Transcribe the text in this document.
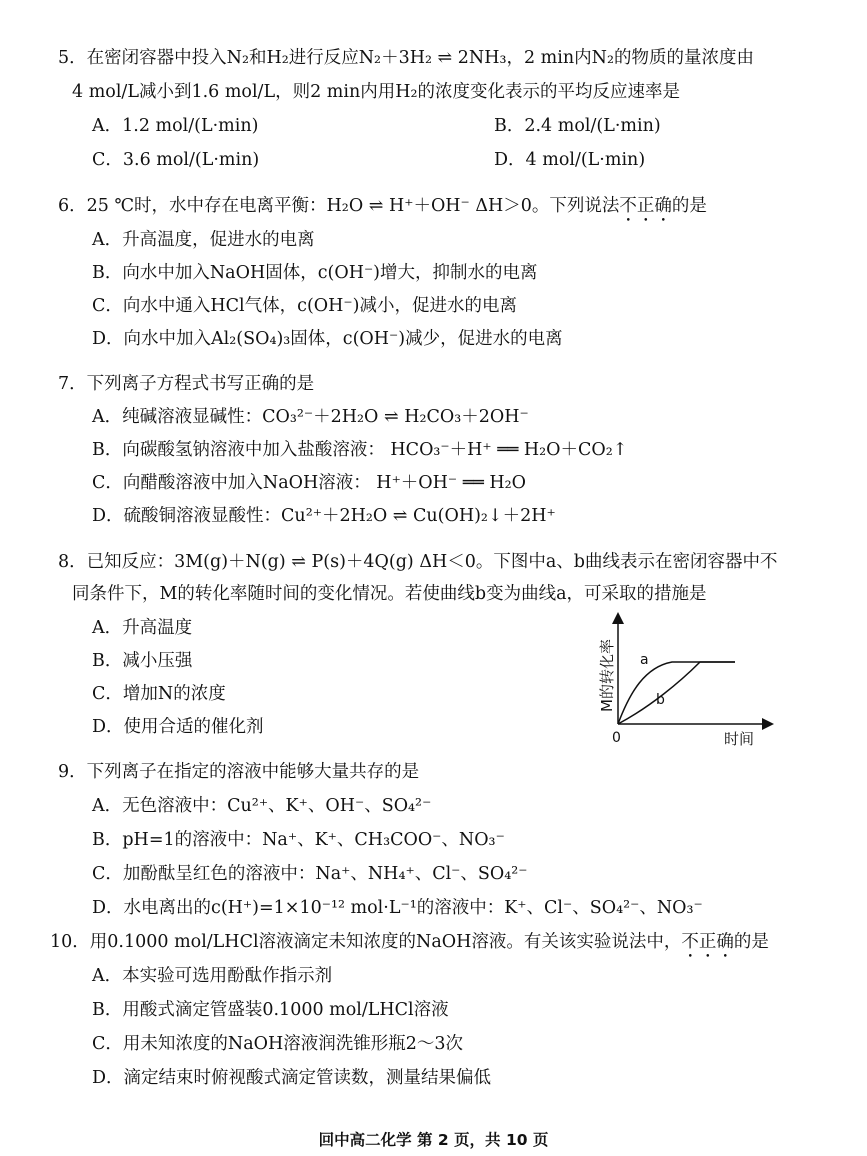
5．在密闭容器中投入N₂和H₂进行反应N₂＋3H₂ ⇌ 2NH₃，2 min内N₂的物质的量浓度由
4 mol/L减小到1.6 mol/L，则2 min内用H₂的浓度变化表示的平均反应速率是
A．1.2 mol/(L·min)	B．2.4 mol/(L·min)
C．3.6 mol/(L·min)	D．4 mol/(L·min)
6．25 ℃时，水中存在电离平衡：H₂O ⇌ H⁺＋OH⁻ ΔH＞0。下列说法不正确的是
A．升高温度，促进水的电离
B．向水中加入NaOH固体，c(OH⁻)增大，抑制水的电离
C．向水中通入HCl气体，c(OH⁻)减小，促进水的电离
D．向水中加入Al₂(SO₄)₃固体，c(OH⁻)减少，促进水的电离
7．下列离子方程式书写正确的是
A．纯碱溶液显碱性：CO₃²⁻＋2H₂O ⇌ H₂CO₃＋2OH⁻
B．向碳酸氢钠溶液中加入盐酸溶液： HCO₃⁻＋H⁺ ══ H₂O＋CO₂↑
C．向醋酸溶液中加入NaOH溶液： H⁺＋OH⁻ ══ H₂O
D．硫酸铜溶液显酸性：Cu²⁺＋2H₂O ⇌ Cu(OH)₂↓＋2H⁺
8．已知反应：3M(g)＋N(g) ⇌ P(s)＋4Q(g) ΔH＜0。下图中a、b曲线表示在密闭容器中不
同条件下，M的转化率随时间的变化情况。若使曲线b变为曲线a，可采取的措施是
A．升高温度
B．减小压强
C．增加N的浓度
D．使用合适的催化剂
a
b
0	时间
M的转化率
9．下列离子在指定的溶液中能够大量共存的是
A．无色溶液中：Cu²⁺、K⁺、OH⁻、SO₄²⁻
B．pH=1的溶液中：Na⁺、K⁺、CH₃COO⁻、NO₃⁻
C．加酚酞呈红色的溶液中：Na⁺、NH₄⁺、Cl⁻、SO₄²⁻
D．水电离出的c(H⁺)=1×10⁻¹² mol·L⁻¹的溶液中：K⁺、Cl⁻、SO₄²⁻、NO₃⁻
10．用0.1000 mol/LHCl溶液滴定未知浓度的NaOH溶液。有关该实验说法中，不正确的是
A．本实验可选用酚酞作指示剂
B．用酸式滴定管盛装0.1000 mol/LHCl溶液
C．用未知浓度的NaOH溶液润洗锥形瓶2～3次
D．滴定结束时俯视酸式滴定管读数，测量结果偏低
回中高二化学 第 2 页，共 10 页
